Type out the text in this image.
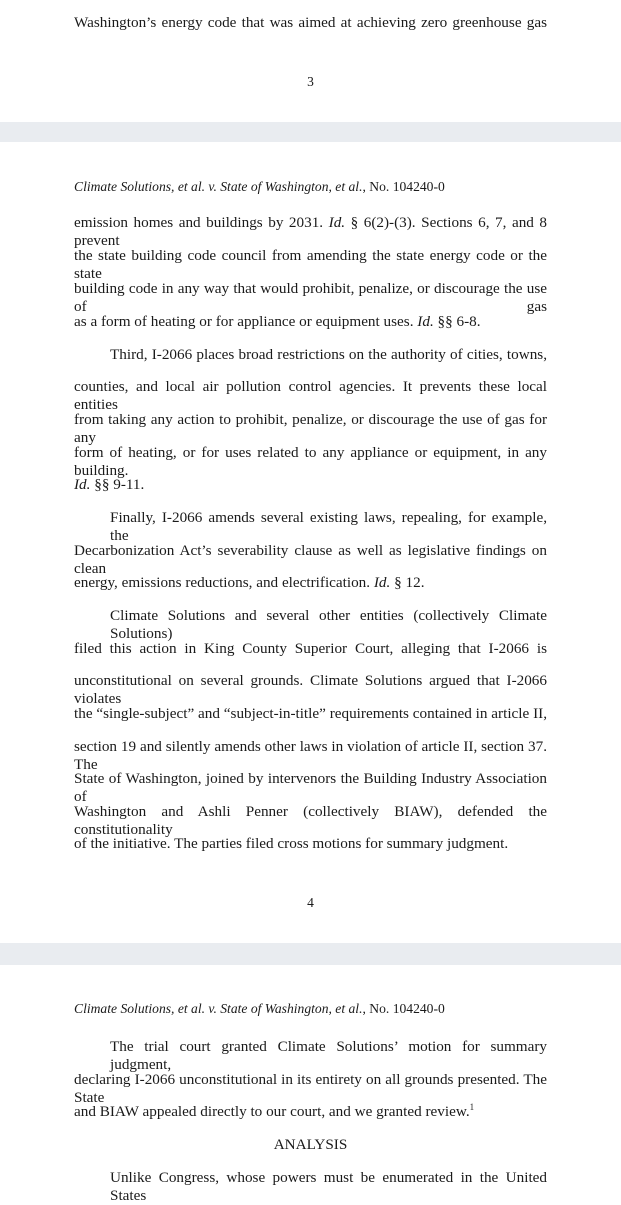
Washington’s energy code that was aimed at achieving zero greenhouse gas
3
Climate Solutions, et al. v. State of Washington, et al., No. 104240-0
emission homes and buildings by 2031. Id. § 6(2)-(3). Sections 6, 7, and 8 prevent
the state building code council from amending the state energy code or the state
building code in any way that would prohibit, penalize, or discourage the use of gas
as a form of heating or for appliance or equipment uses. Id. §§ 6-8.
Third, I-2066 places broad restrictions on the authority of cities, towns,
counties, and local air pollution control agencies. It prevents these local entities
from taking any action to prohibit, penalize, or discourage the use of gas for any
form of heating, or for uses related to any appliance or equipment, in any building.
Id. §§ 9-11.
Finally, I-2066 amends several existing laws, repealing, for example, the
Decarbonization Act’s severability clause as well as legislative findings on clean
energy, emissions reductions, and electrification. Id. § 12.
Climate Solutions and several other entities (collectively Climate Solutions)
filed this action in King County Superior Court, alleging that I-2066 is
unconstitutional on several grounds. Climate Solutions argued that I-2066 violates
the “single-subject” and “subject-in-title” requirements contained in article II,
section 19 and silently amends other laws in violation of article II, section 37. The
State of Washington, joined by intervenors the Building Industry Association of
Washington and Ashli Penner (collectively BIAW), defended the constitutionality
of the initiative. The parties filed cross motions for summary judgment.
4
Climate Solutions, et al. v. State of Washington, et al., No. 104240-0
The trial court granted Climate Solutions’ motion for summary judgment,
declaring I-2066 unconstitutional in its entirety on all grounds presented. The State
and BIAW appealed directly to our court, and we granted review.$^1$
ANALYSIS
Unlike Congress, whose powers must be enumerated in the United States
